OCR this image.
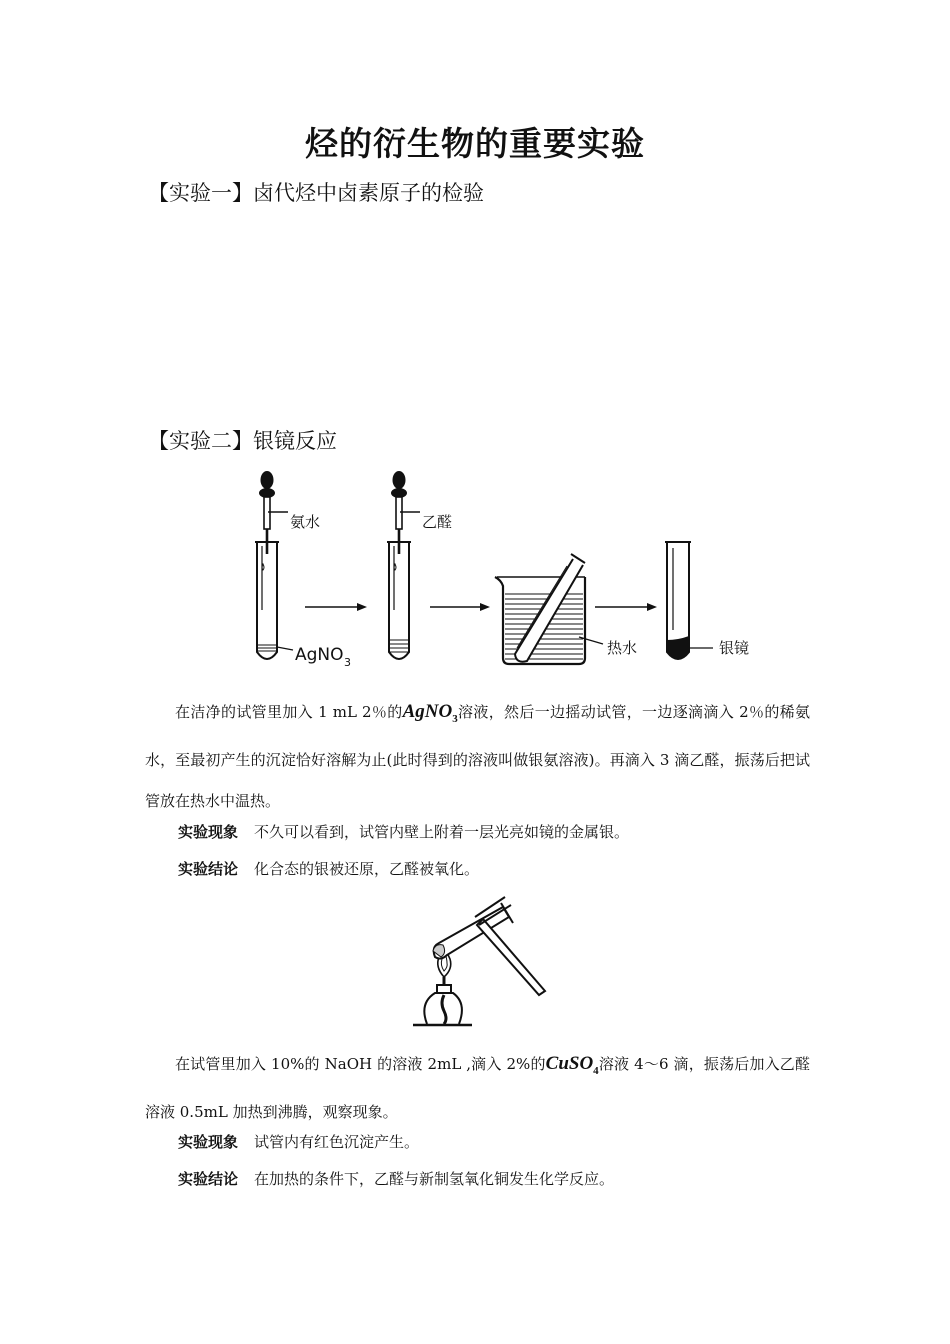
烃的衍生物的重要实验
【实验一】卤代烃中卤素原子的检验
【实验二】银镜反应
氨水	乙醛
AgNO 3
热水	银镜
在洁净的试管里加入 1 mL 2％的AgNO$_3$溶液，然后一边摇动试管，一边逐滴滴入 2％的稀氨水，至最初产生的沉淀恰好溶解为止(此时得到的溶液叫做银氨溶液)。再滴入 3 滴乙醛，振荡后把试管放在热水中温热。
实验现象 不久可以看到，试管内壁上附着一层光亮如镜的金属银。
实验结论 化合态的银被还原，乙醛被氧化。
在试管里加入 10%的 NaOH 的溶液 2mL ,滴入 2%的CuSO$_4$溶液 4～6 滴，振荡后加入乙醛溶液 0.5mL 加热到沸腾，观察现象。
实验现象 试管内有红色沉淀产生。
实验结论 在加热的条件下，乙醛与新制氢氧化铜发生化学反应。
